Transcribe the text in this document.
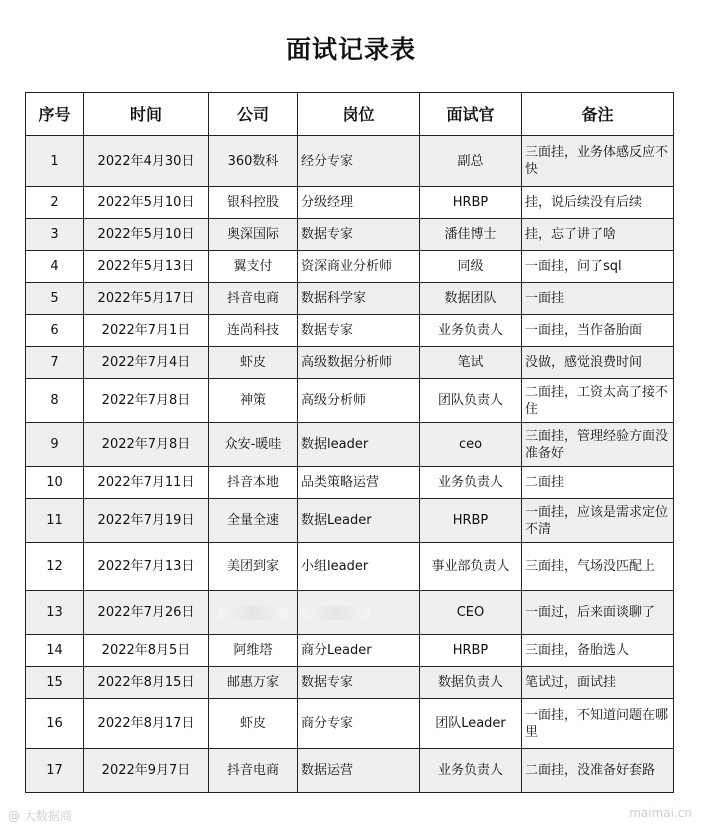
面试记录表
序号	时间	公司	岗位	面试官	备注
1	2022年4月30日	360数科	经分专家	副总	三面挂，业务体感反应不快
2	2022年5月10日	银科控股	分级经理	HRBP	挂，说后续没有后续
3	2022年5月10日	奥深国际	数据专家	潘佳博士	挂，忘了讲了啥
4	2022年5月13日	翼支付	资深商业分析师	同级	一面挂，问了sql
5	2022年5月17日	抖音电商	数据科学家	数据团队	一面挂
6	2022年7月1日	连尚科技	数据专家	业务负责人	一面挂，当作备胎面
7	2022年7月4日	虾皮	高级数据分析师	笔试	没做，感觉浪费时间
8	2022年7月8日	神策	高级分析师	团队负责人	二面挂，工资太高了接不住
9	2022年7月8日	众安-暖哇	数据leader	ceo	三面挂，管理经验方面没准备好
10	2022年7月11日	抖音本地	品类策略运营	业务负责人	二面挂
11	2022年7月19日	全量全速	数据Leader	HRBP	一面挂，应该是需求定位不清
12	2022年7月13日	美团到家	小组leader	事业部负责人	三面挂，气场没匹配上
13	2022年7月26日			CEO	一面过，后来面谈聊了
14	2022年8月5日	阿维塔	商分Leader	HRBP	三面挂，备胎选人
15	2022年8月15日	邮惠万家	数据专家	数据负责人	笔试过，面试挂
16	2022年8月17日	虾皮	商分专家	团队Leader	一面挂，不知道问题在哪里
17	2022年9月7日	抖音电商	数据运营	业务负责人	二面挂，没准备好套路
@ 大数据商	maimai.cn
